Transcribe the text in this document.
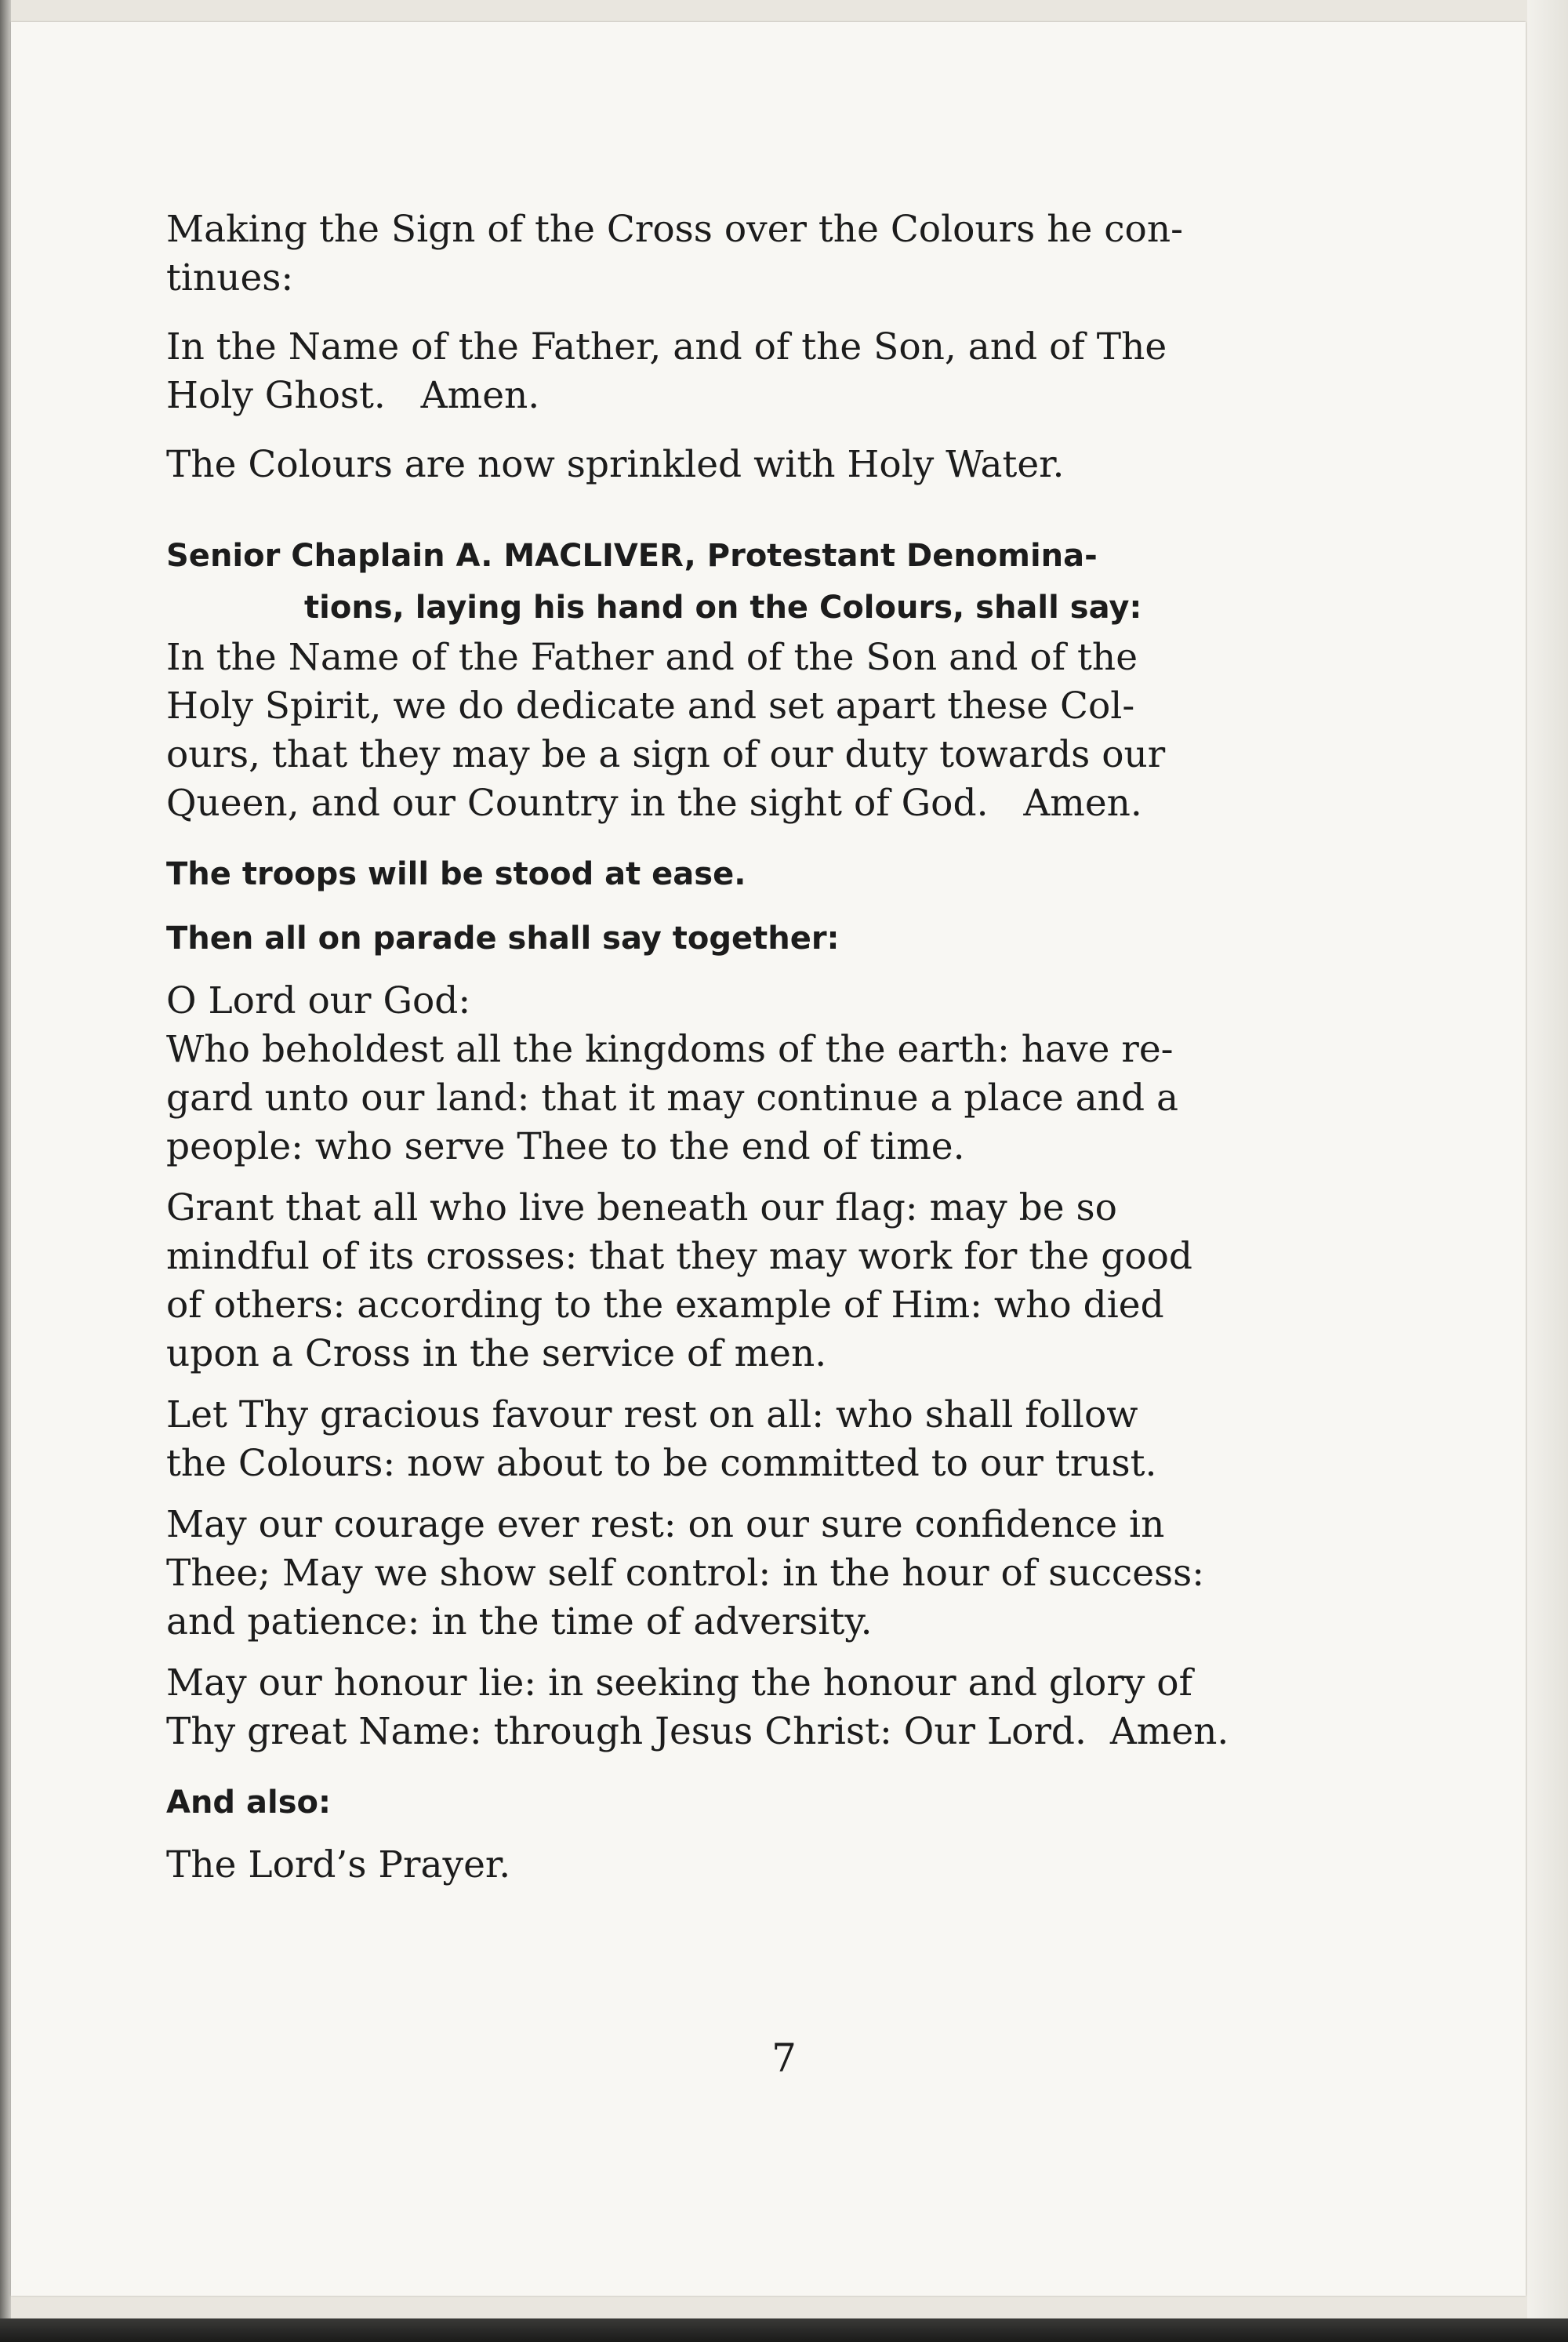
Making the Sign of the Cross over the Colours he con-
tinues:

In the Name of the Father, and of the Son, and of The
Holy Ghost.   Amen.

The Colours are now sprinkled with Holy Water.

Senior Chaplain A. MACLIVER, Protestant Denomina-
tions, laying his hand on the Colours, shall say:

In the Name of the Father and of the Son and of the
Holy Spirit, we do dedicate and set apart these Col-
ours, that they may be a sign of our duty towards our
Queen, and our Country in the sight of God.   Amen.

The troops will be stood at ease.
Then all on parade shall say together:

O Lord our God:

Who beholdest all the kingdoms of the earth: have re-
gard unto our land: that it may continue a place and a
people: who serve Thee to the end of time.

Grant that all who live beneath our flag: may be so
mindful of its crosses: that they may work for the good
of others: according to the example of Him: who died
upon a Cross in the service of men.

Let Thy gracious favour rest on all: who shall follow
the Colours: now about to be committed to our trust.

May our courage ever rest: on our sure confidence in
Thee; May we show self control: in the hour of success:
and patience: in the time of adversity.

May our honour lie: in seeking the honour and glory of
Thy great Name: through Jesus Christ: Our Lord.  Amen.

And also:

The Lord’s Prayer.

7
